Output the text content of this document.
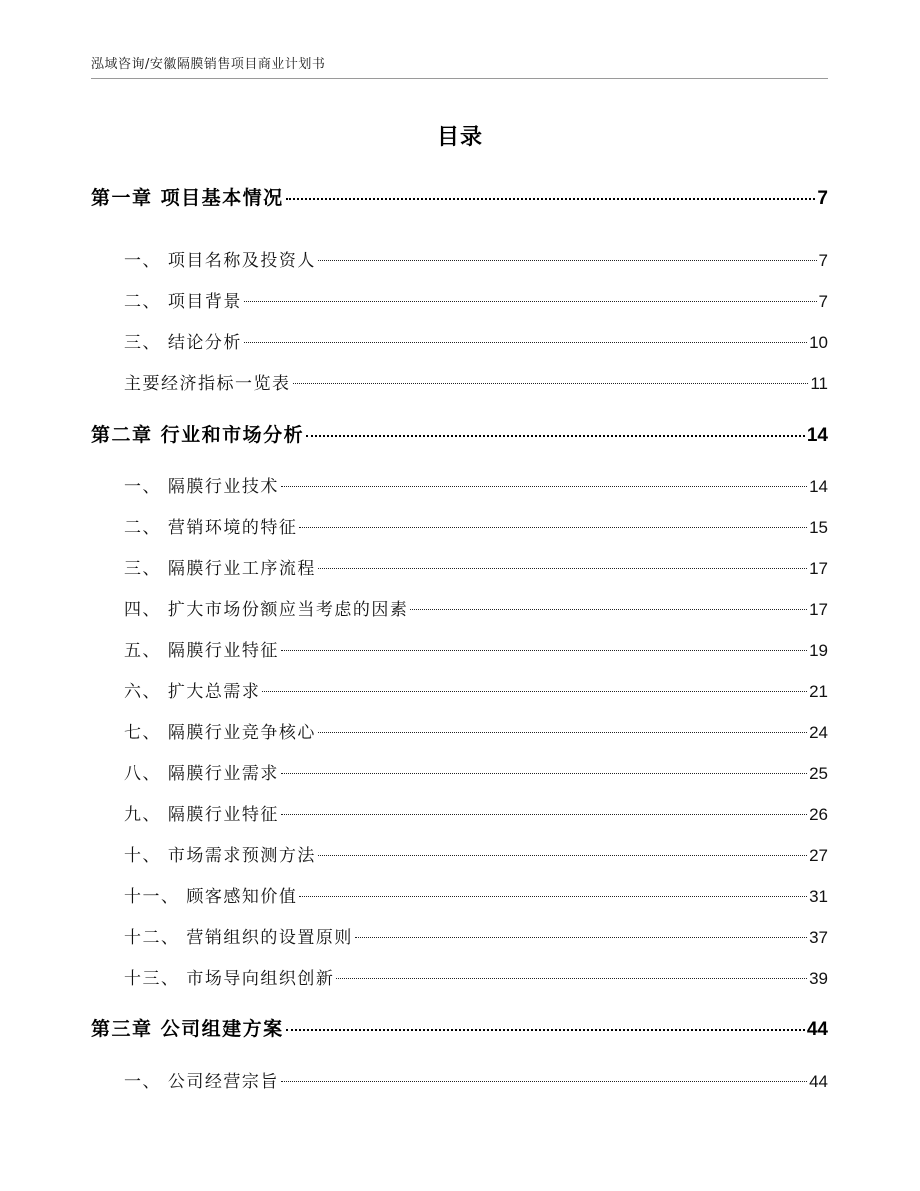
泓域咨询/安徽隔膜销售项目商业计划书
目录
第一章 项目基本情况	7
一、 项目名称及投资人	7
二、 项目背景	7
三、 结论分析	10
主要经济指标一览表	11
第二章 行业和市场分析	14
一、 隔膜行业技术	14
二、 营销环境的特征	15
三、 隔膜行业工序流程	17
四、 扩大市场份额应当考虑的因素	17
五、 隔膜行业特征	19
六、 扩大总需求	21
七、 隔膜行业竞争核心	24
八、 隔膜行业需求	25
九、 隔膜行业特征	26
十、 市场需求预测方法	27
十一、 顾客感知价值	31
十二、 营销组织的设置原则	37
十三、 市场导向组织创新	39
第三章 公司组建方案	44
一、 公司经营宗旨	44
